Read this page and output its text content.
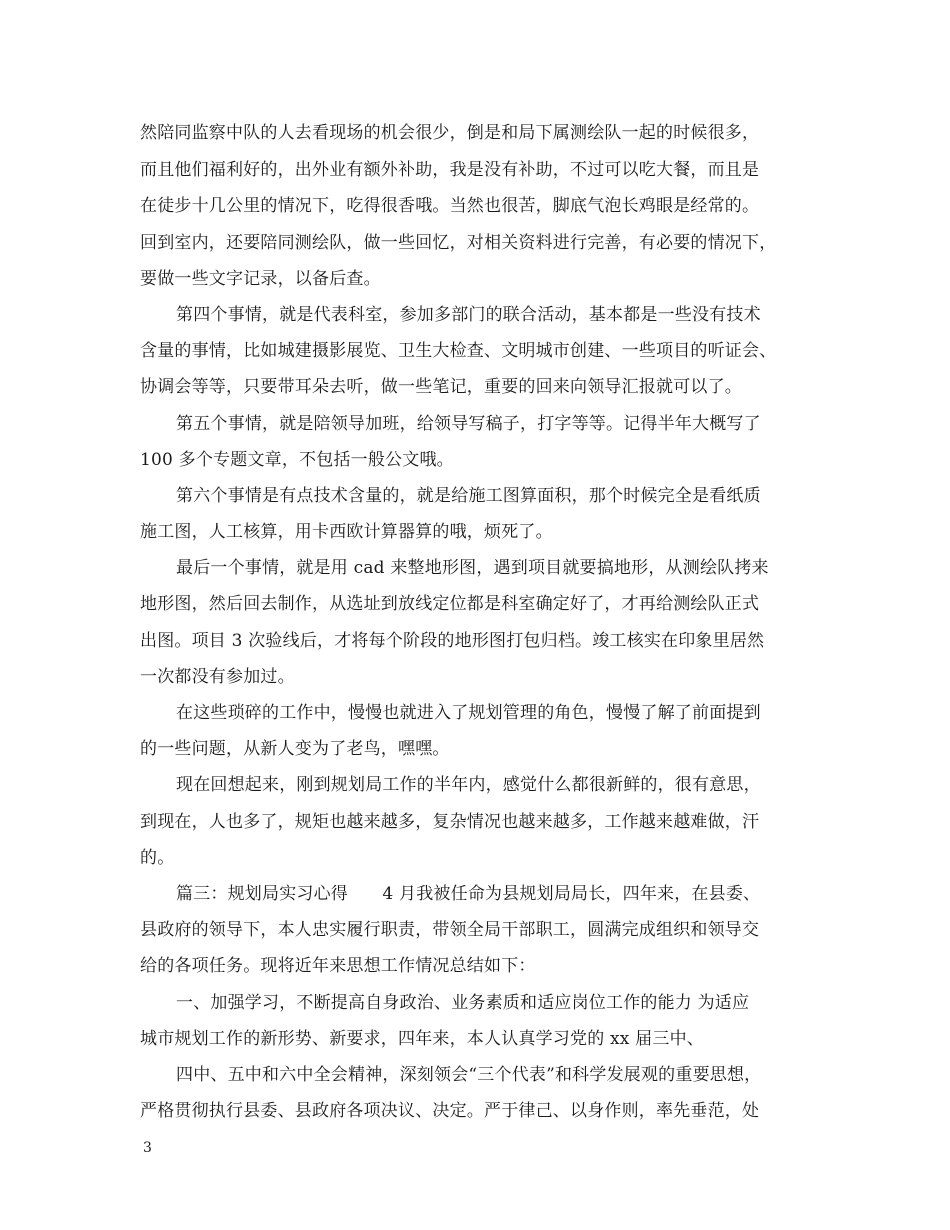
然陪同监察中队的人去看现场的机会很少，倒是和局下属测绘队一起的时候很多，
而且他们福利好的，出外业有额外补助，我是没有补助，不过可以吃大餐，而且是
在徒步十几公里的情况下，吃得很香哦。当然也很苦，脚底气泡长鸡眼是经常的。
回到室内，还要陪同测绘队，做一些回忆，对相关资料进行完善，有必要的情况下，
要做一些文字记录，以备后查。
第四个事情，就是代表科室，参加多部门的联合活动，基本都是一些没有技术
含量的事情，比如城建摄影展览、卫生大检查、文明城市创建、一些项目的听证会、
协调会等等，只要带耳朵去听，做一些笔记，重要的回来向领导汇报就可以了。
第五个事情，就是陪领导加班，给领导写稿子，打字等等。记得半年大概写了
100 多个专题文章，不包括一般公文哦。
第六个事情是有点技术含量的，就是给施工图算面积，那个时候完全是看纸质
施工图，人工核算，用卡西欧计算器算的哦，烦死了。
最后一个事情，就是用 cad 来整地形图，遇到项目就要搞地形，从测绘队拷来
地形图，然后回去制作，从选址到放线定位都是科室确定好了，才再给测绘队正式
出图。项目 3 次验线后，才将每个阶段的地形图打包归档。竣工核实在印象里居然
一次都没有参加过。
在这些琐碎的工作中，慢慢也就进入了规划管理的角色，慢慢了解了前面提到
的一些问题，从新人变为了老鸟，嘿嘿。
现在回想起来，刚到规划局工作的半年内，感觉什么都很新鲜的，很有意思，
到现在，人也多了，规矩也越来越多，复杂情况也越来越多，工作越来越难做，汗
的。
篇三：规划局实习心得　　4 月我被任命为县规划局局长，四年来，在县委、
县政府的领导下，本人忠实履行职责，带领全局干部职工，圆满完成组织和领导交
给的各项任务。现将近年来思想工作情况总结如下：
一、加强学习，不断提高自身政治、业务素质和适应岗位工作的能力 为适应
城市规划工作的新形势、新要求，四年来，本人认真学习党的 xx 届三中、
四中、五中和六中全会精神，深刻领会“三个代表”和科学发展观的重要思想，
严格贯彻执行县委、县政府各项决议、决定。严于律己、以身作则，率先垂范，处
3
